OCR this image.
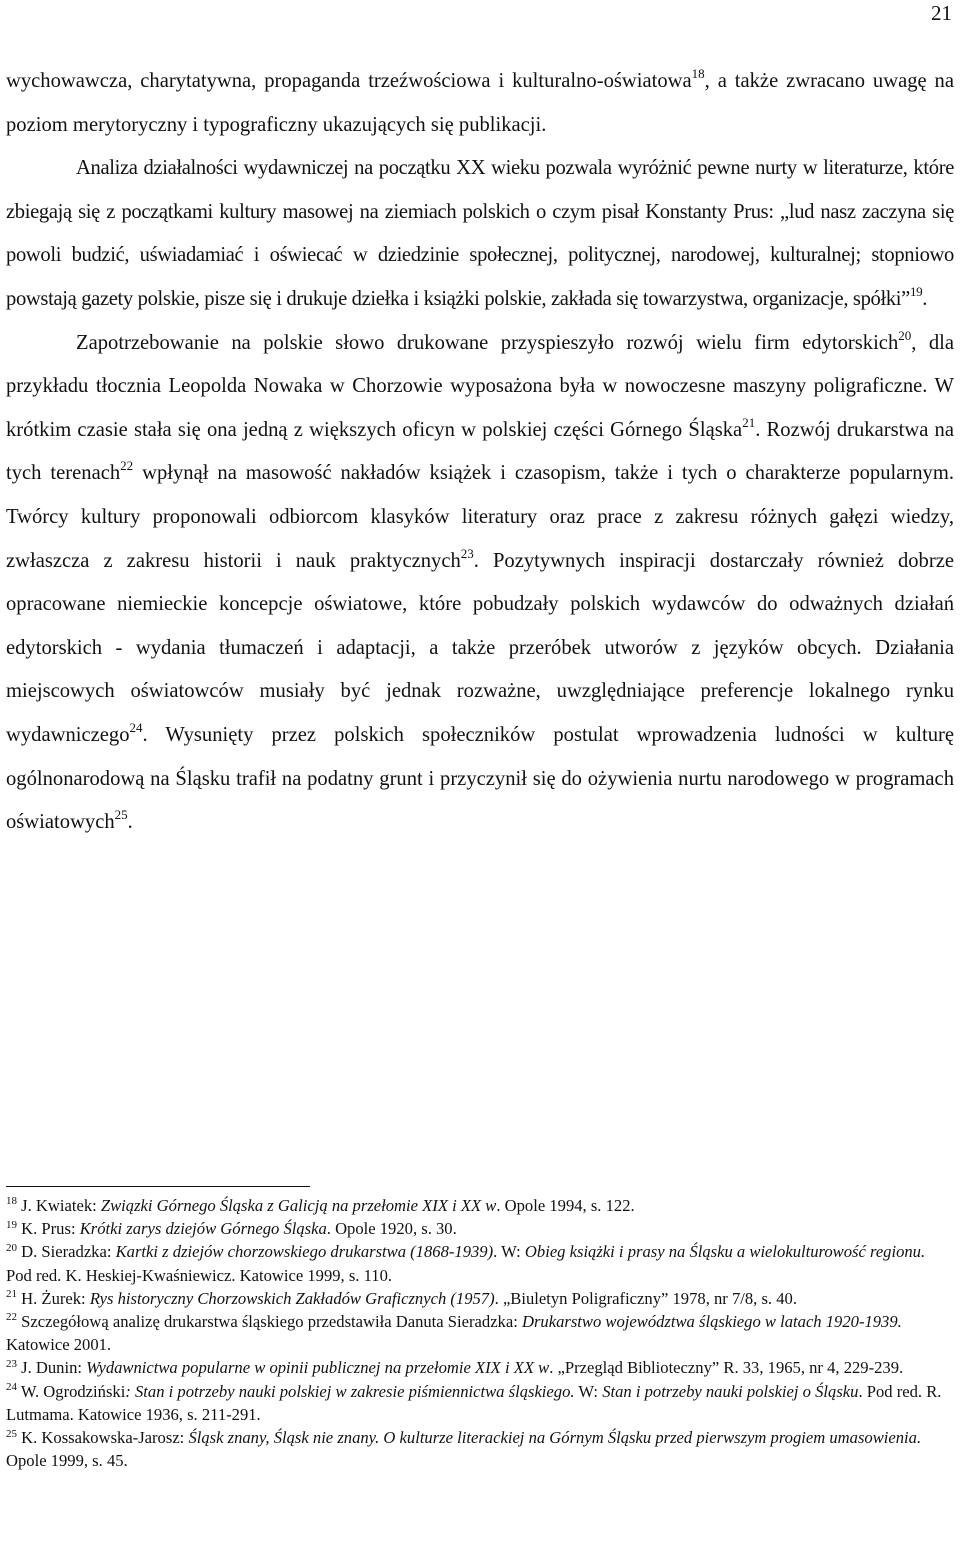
21

wychowawcza, charytatywna, propaganda trzeźwościowa i kulturalno-oświatowa$^{18}$, a także zwracano uwagę na poziom merytoryczny i typograficzny ukazujących się publikacji.

Analiza działalności wydawniczej na początku XX wieku pozwala wyróżnić pewne nurty w literaturze, które zbiegają się z początkami kultury masowej na ziemiach polskich o czym pisał Konstanty Prus: „lud nasz zaczyna się powoli budzić, uświadamiać i oświecać w dziedzinie społecznej, politycznej, narodowej, kulturalnej; stopniowo powstają gazety polskie, pisze się i drukuje dziełka i książki polskie, zakłada się towarzystwa, organizacje, spółki”$^{19}$.

Zapotrzebowanie na polskie słowo drukowane przyspieszyło rozwój wielu firm edytorskich$^{20}$, dla przykładu tłocznia Leopolda Nowaka w Chorzowie wyposażona była w nowoczesne maszyny poligraficzne. W krótkim czasie stała się ona jedną z większych oficyn w polskiej części Górnego Śląska$^{21}$. Rozwój drukarstwa na tych terenach$^{22}$ wpłynął na masowość nakładów książek i czasopism, także i tych o charakterze popularnym. Twórcy kultury proponowali odbiorcom klasyków literatury oraz prace z zakresu różnych gałęzi wiedzy, zwłaszcza z zakresu historii i nauk praktycznych$^{23}$. Pozytywnych inspiracji dostarczały również dobrze opracowane niemieckie koncepcje oświatowe, które pobudzały polskich wydawców do odważnych działań edytorskich - wydania tłumaczeń i adaptacji, a także przeróbek utworów z języków obcych. Działania miejscowych oświatowców musiały być jednak rozważne, uwzględniające preferencje lokalnego rynku wydawniczego$^{24}$. Wysunięty przez polskich społeczników postulat wprowadzenia ludności w kulturę ogólnonarodową na Śląsku trafił na podatny grunt i przyczynił się do ożywienia nurtu narodowego w programach oświatowych$^{25}$.

$^{18}$ J. Kwiatek: Związki Górnego Śląska z Galicją na przełomie XIX i XX w. Opole 1994, s. 122.
$^{19}$ K. Prus: Krótki zarys dziejów Górnego Śląska. Opole 1920, s. 30.
$^{20}$ D. Sieradzka: Kartki z dziejów chorzowskiego drukarstwa (1868-1939). W: Obieg książki i prasy na Śląsku a wielokulturowość regionu. Pod red. K. Heskiej-Kwaśniewicz. Katowice 1999, s. 110.
$^{21}$ H. Żurek: Rys historyczny Chorzowskich Zakładów Graficznych (1957). „Biuletyn Poligraficzny” 1978, nr 7/8, s. 40.
$^{22}$ Szczegółową analizę drukarstwa śląskiego przedstawiła Danuta Sieradzka: Drukarstwo województwa śląskiego w latach 1920-1939. Katowice 2001.
$^{23}$ J. Dunin: Wydawnictwa popularne w opinii publicznej na przełomie XIX i XX w. „Przegląd Biblioteczny” R. 33, 1965, nr 4, 229-239.
$^{24}$ W. Ogrodziński: Stan i potrzeby nauki polskiej w zakresie piśmiennictwa śląskiego. W: Stan i potrzeby nauki polskiej o Śląsku. Pod red. R. Lutmama. Katowice 1936, s. 211-291.
$^{25}$ K. Kossakowska-Jarosz: Śląsk znany, Śląsk nie znany. O kulturze literackiej na Górnym Śląsku przed pierwszym progiem umasowienia. Opole 1999, s. 45.
